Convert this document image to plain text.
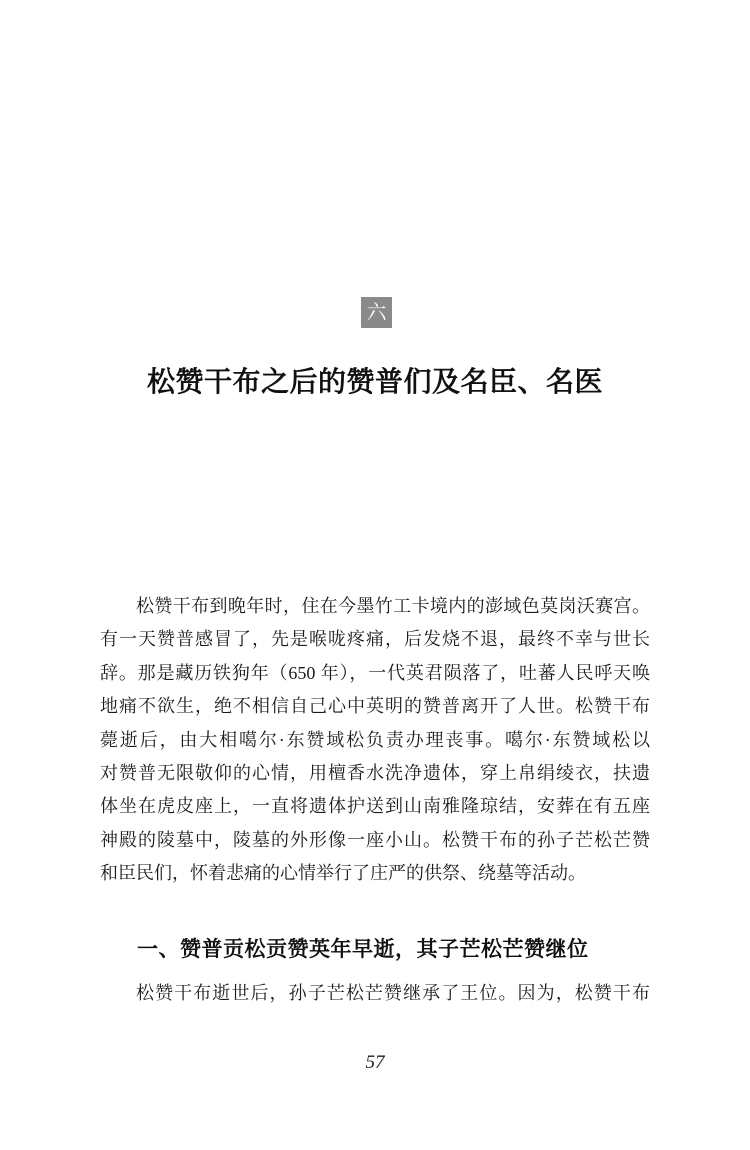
六
松赞干布之后的赞普们及名臣、名医
松赞干布到晚年时，住在今墨竹工卡境内的澎域色莫岗沃赛宫。
有一天赞普感冒了，先是喉咙疼痛，后发烧不退，最终不幸与世长
辞。那是藏历铁狗年（650 年），一代英君陨落了，吐蕃人民呼天唤
地痛不欲生，绝不相信自己心中英明的赞普离开了人世。松赞干布
薨逝后，由大相噶尔·东赞域松负责办理丧事。噶尔·东赞域松以
对赞普无限敬仰的心情，用檀香水洗净遗体，穿上帛绢绫衣，扶遗
体坐在虎皮座上，一直将遗体护送到山南雅隆琼结，安葬在有五座
神殿的陵墓中，陵墓的外形像一座小山。松赞干布的孙子芒松芒赞
和臣民们，怀着悲痛的心情举行了庄严的供祭、绕墓等活动。
一、赞普贡松贡赞英年早逝，其子芒松芒赞继位
松赞干布逝世后，孙子芒松芒赞继承了王位。因为，松赞干布
57
